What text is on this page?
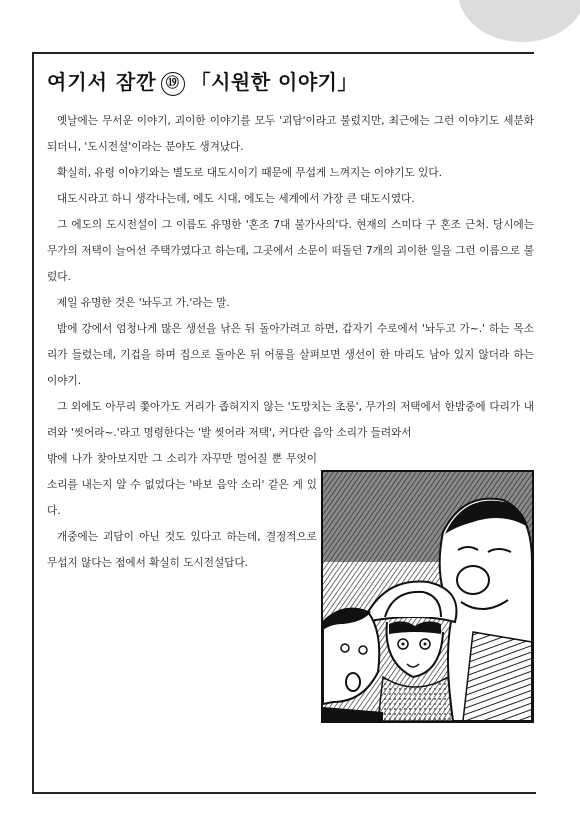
여기서 잠깐 ⑲ 「시원한 이야기」

옛날에는 무서운 이야기, 괴이한 이야기를 모두 '괴담'이라고 불렀지만, 최근에는 그런 이야기도 세분화 되더니, '도시전설'이라는 분야도 생겨났다.

확실히, 유령 이야기와는 별도로 대도시이기 때문에 무섭게 느껴지는 이야기도 있다.

대도시라고 하니 생각나는데, 에도 시대, 에도는 세계에서 가장 큰 대도시였다.

그 에도의 도시전설이 그 이름도 유명한 '혼조 7대 불가사의'다. 현재의 스미다 구 혼조 근처. 당시에는 무가의 저택이 늘어선 주택가였다고 하는데, 그곳에서 소문이 떠돌던 7개의 괴이한 일을 그런 이름으로 불렀다.

제일 유명한 것은 '놔두고 가.'라는 말.

밤에 강에서 엄청나게 많은 생선을 낚은 뒤 돌아가려고 하면, 갑자기 수로에서 '놔두고 가~.' 하는 목소리가 들렸는데, 기겁을 하며 집으로 돌아온 뒤 어롱을 살펴보면 생선이 한 마리도 남아 있지 않더라 하는 이야기.

그 외에도 아무리 쫓아가도 거리가 좁혀지지 않는 '도망치는 초롱', 무가의 저택에서 한밤중에 다리가 내려와 '씻어라~.'라고 명령한다는 '발 씻어라 저택', 커다란 음악 소리가 들려와서

밖에 나가 찾아보지만 그 소리가 자꾸만 멀어질 뿐 무엇이 소리를 내는지 알 수 없었다는 '바보 음악 소리' 같은 게 있다.

개중에는 괴담이 아닌 것도 있다고 하는데, 결정적으로 무섭지 않다는 점에서 확실히 도시전설답다.
